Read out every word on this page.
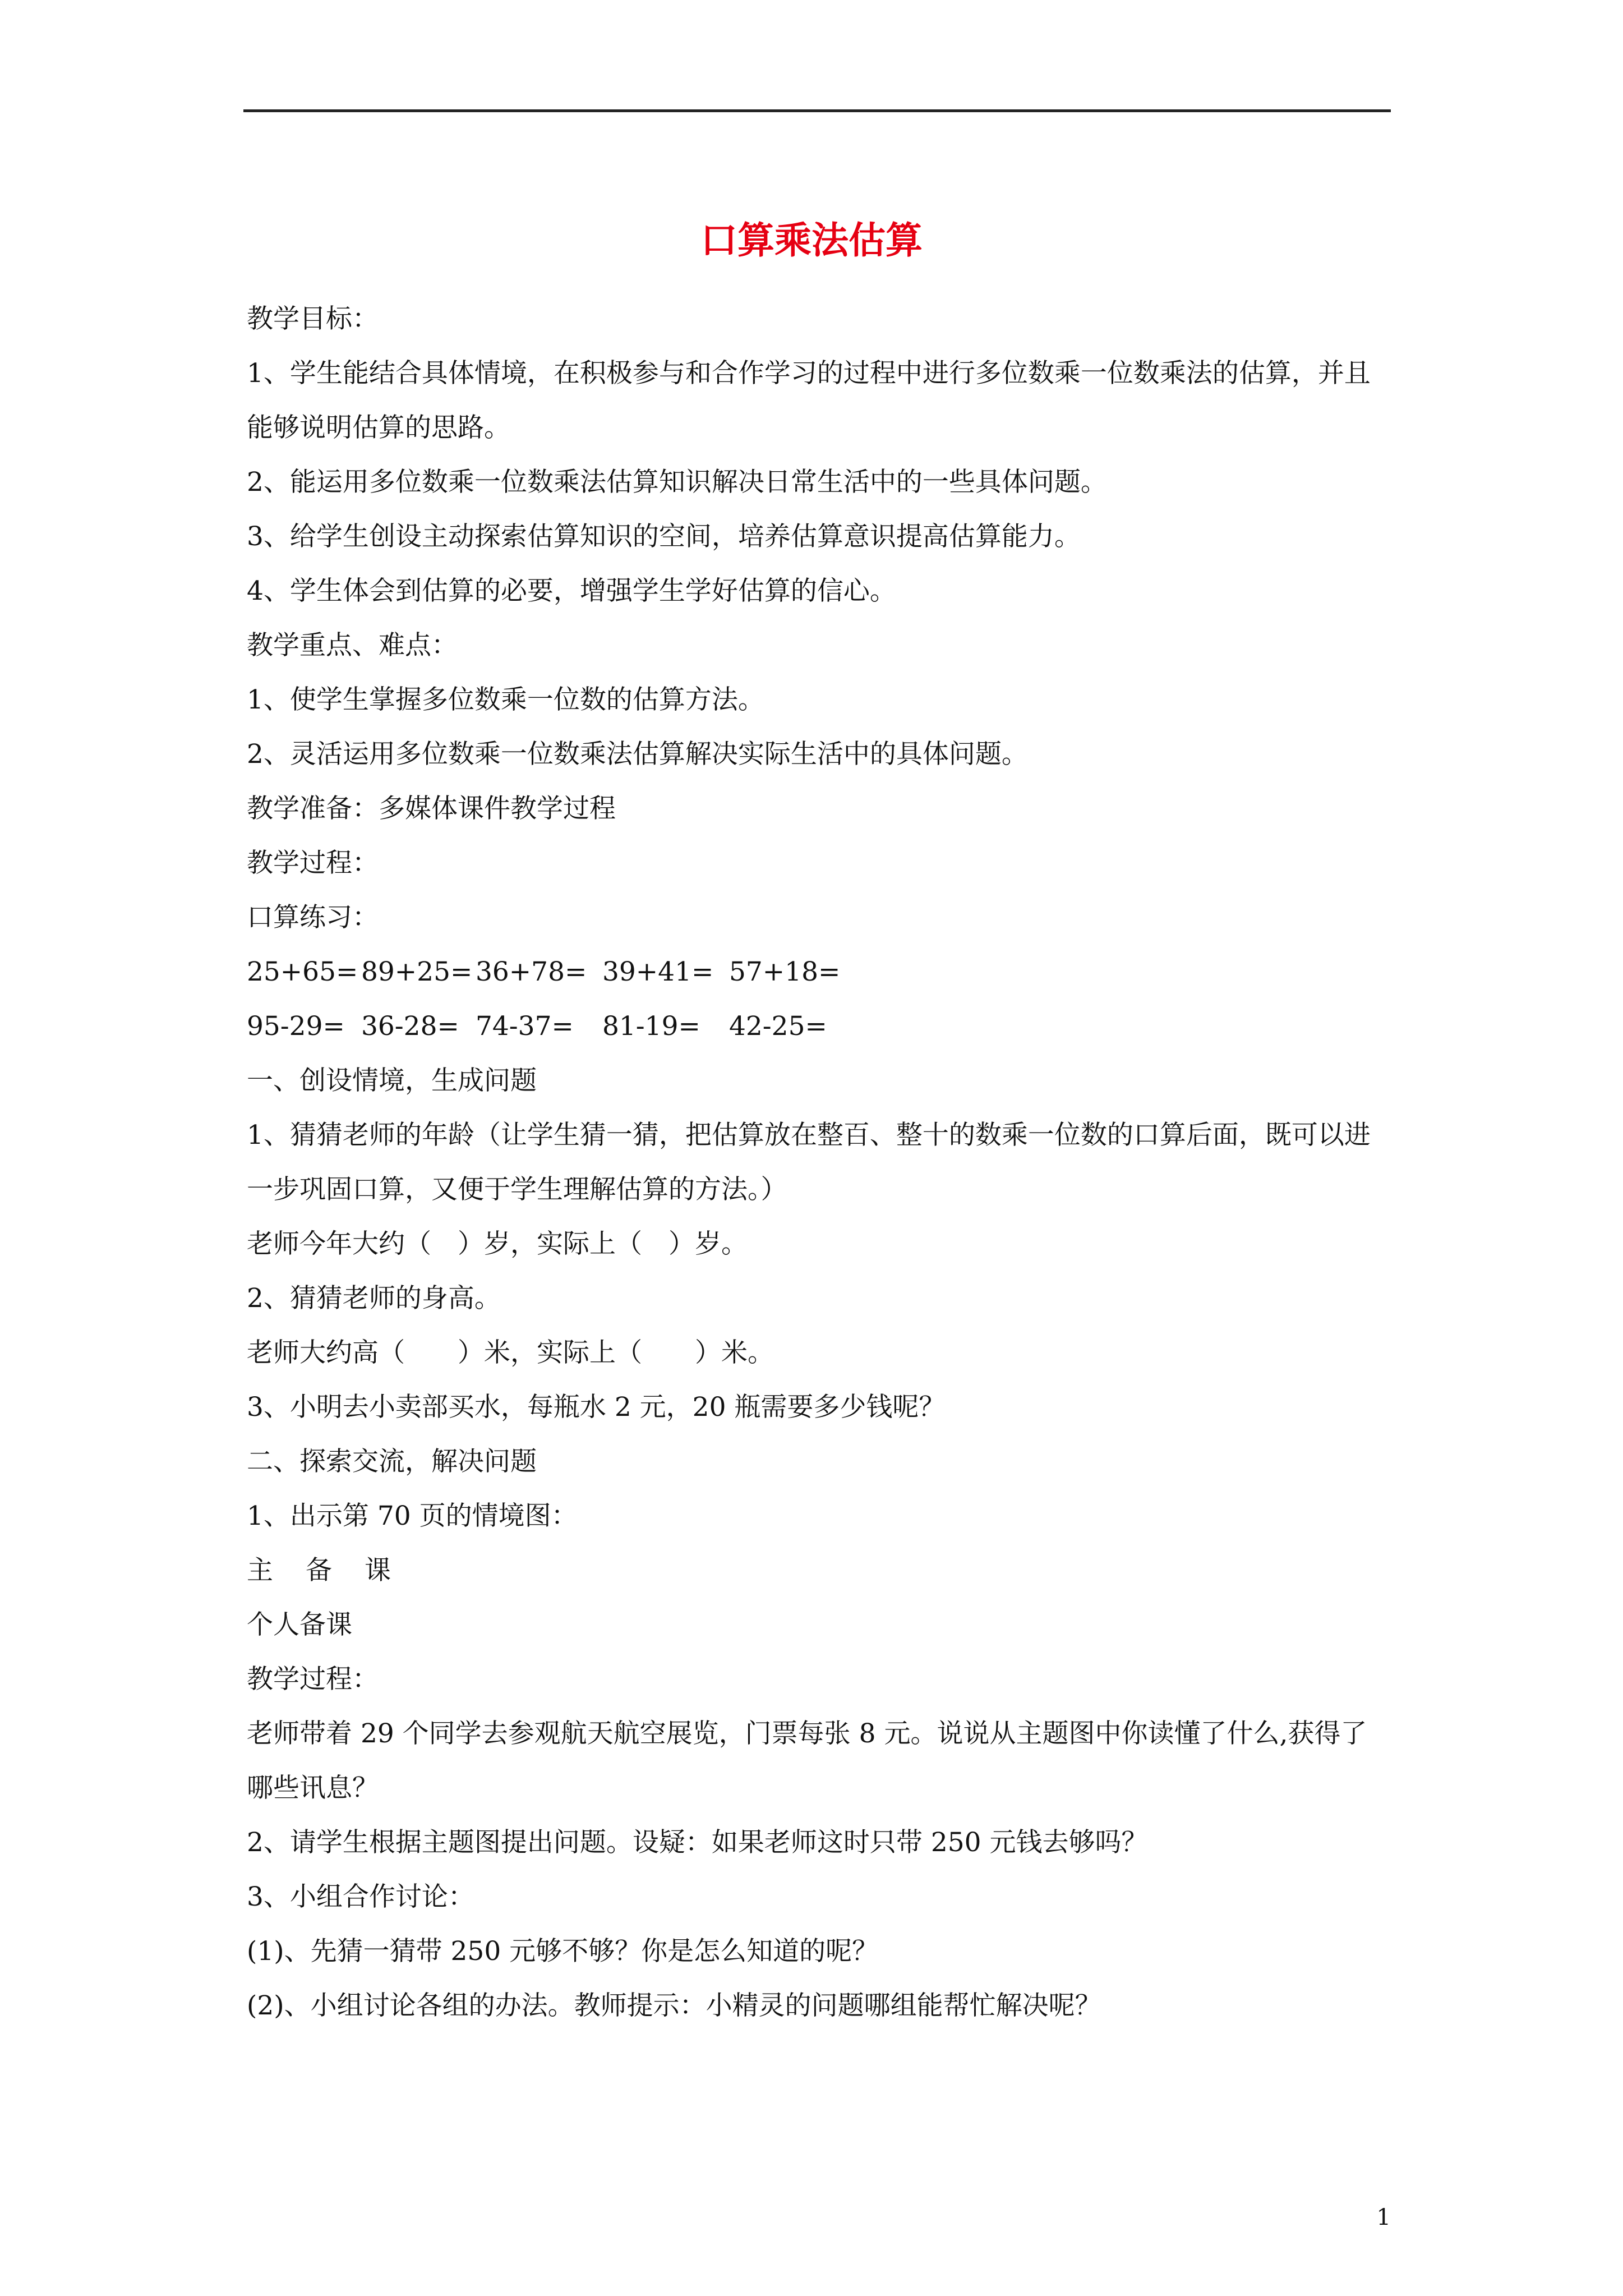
口算乘法估算
教学目标：
1、学生能结合具体情境，在积极参与和合作学习的过程中进行多位数乘一位数乘法的估算，并且能够说明估算的思路。
2、能运用多位数乘一位数乘法估算知识解决日常生活中的一些具体问题。
3、给学生创设主动探索估算知识的空间，培养估算意识提高估算能力。
4、学生体会到估算的必要，增强学生学好估算的信心。
教学重点、难点：
1、使学生掌握多位数乘一位数的估算方法。
2、灵活运用多位数乘一位数乘法估算解决实际生活中的具体问题。
教学准备：多媒体课件教学过程
教学过程：
口算练习：
25+65= 89+25= 36+78= 39+41= 57+18=
95-29= 36-28= 74-37=	81-19=	42-25=
一、创设情境，生成问题
1、猜猜老师的年龄（让学生猜一猜，把估算放在整百、整十的数乘一位数的口算后面，既可以进一步巩固口算，又便于学生理解估算的方法。）
老师今年大约（　）岁，实际上（　）岁。
2、猜猜老师的身高。
老师大约高（　　）米，实际上（　　）米。
3、小明去小卖部买水，每瓶水 2 元，20 瓶需要多少钱呢？
二、探索交流，解决问题
1、出示第 70 页的情境图：
主 备 课
个人备课
教学过程：
老师带着 29 个同学去参观航天航空展览，门票每张 8 元。说说从主题图中你读懂了什么,获得了哪些讯息？
2、请学生根据主题图提出问题。设疑：如果老师这时只带 250 元钱去够吗？
3、小组合作讨论：
(1)、先猜一猜带 250 元够不够？你是怎么知道的呢？
(2)、小组讨论各组的办法。教师提示：小精灵的问题哪组能帮忙解决呢？
1
